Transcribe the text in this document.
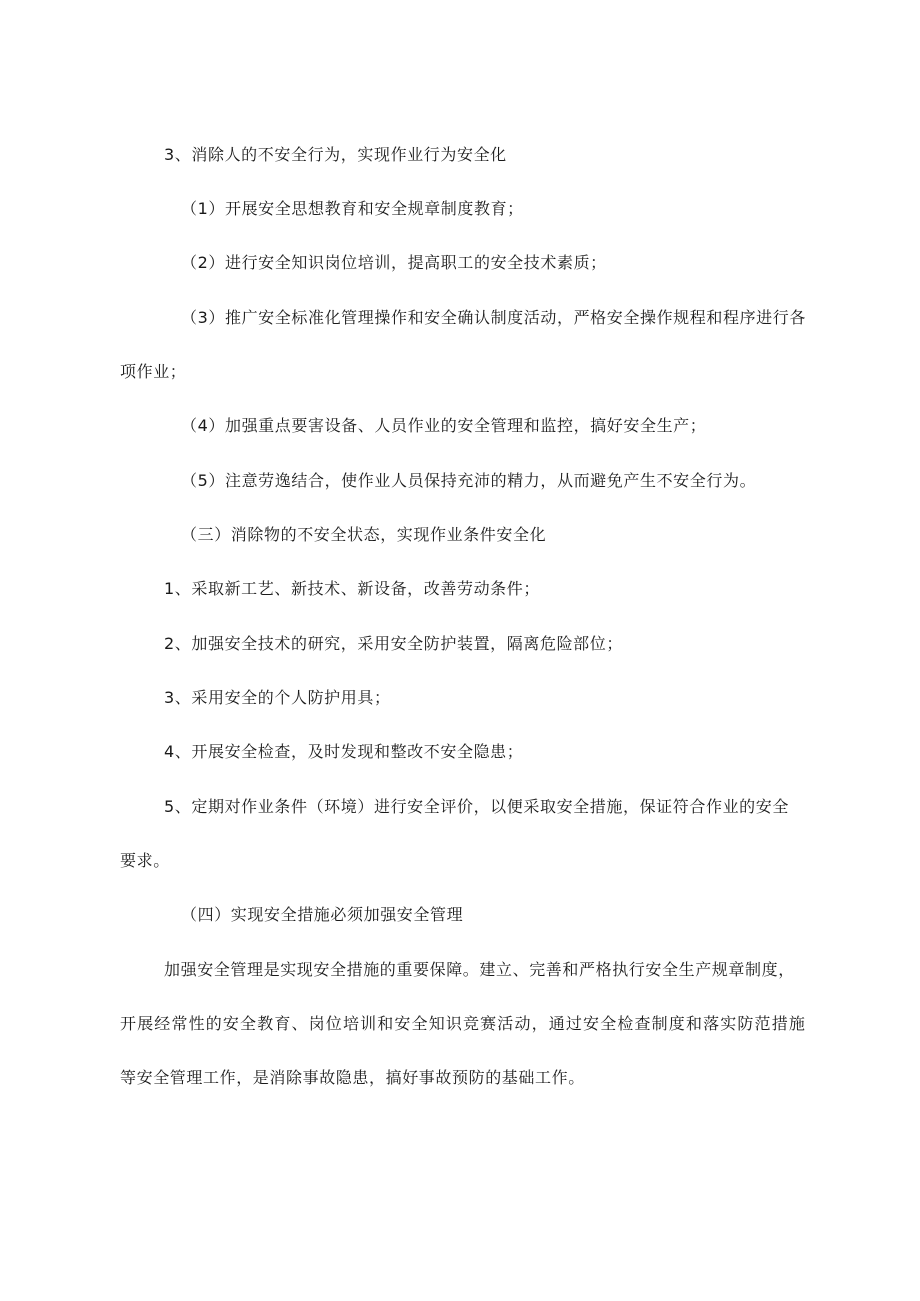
3、消除人的不安全行为，实现作业行为安全化
（1）开展安全思想教育和安全规章制度教育；
（2）进行安全知识岗位培训，提高职工的安全技术素质；
（3）推广安全标准化管理操作和安全确认制度活动，严格安全操作规程和程序进行各
项作业；
（4）加强重点要害设备、人员作业的安全管理和监控，搞好安全生产；
（5）注意劳逸结合，使作业人员保持充沛的精力，从而避免产生不安全行为。
（三）消除物的不安全状态，实现作业条件安全化
1、采取新工艺、新技术、新设备，改善劳动条件；
2、加强安全技术的研究，采用安全防护装置，隔离危险部位；
3、采用安全的个人防护用具；
4、开展安全检查，及时发现和整改不安全隐患；
5、定期对作业条件（环境）进行安全评价，以便采取安全措施，保证符合作业的安全
要求。
（四）实现安全措施必须加强安全管理
加强安全管理是实现安全措施的重要保障。建立、完善和严格执行安全生产规章制度，
开展经常性的安全教育、岗位培训和安全知识竞赛活动，通过安全检查制度和落实防范措施
等安全管理工作，是消除事故隐患，搞好事故预防的基础工作。
